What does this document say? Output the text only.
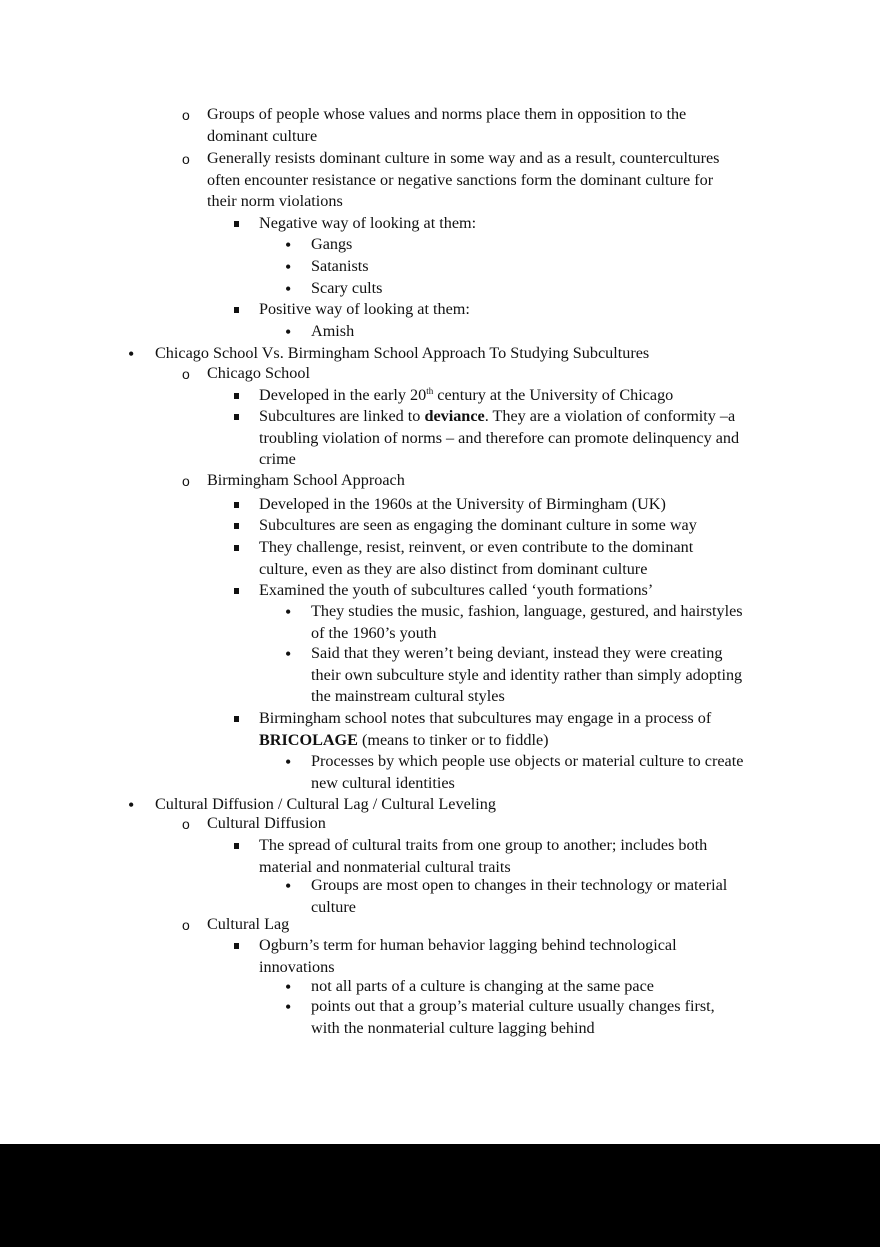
o
Groups of people whose values and norms place them in opposition to the
dominant culture
o
Generally resists dominant culture in some way and as a result, countercultures
often encounter resistance or negative sanctions form the dominant culture for
their norm violations
Negative way of looking at them:
•
Gangs
•
Satanists
•
Scary cults
Positive way of looking at them:
•
Amish
•
Chicago School Vs. Birmingham School Approach To Studying Subcultures
o
Chicago School
Developed in the early 20th century at the University of Chicago
Subcultures are linked to deviance. They are a violation of conformity –a
troubling violation of norms – and therefore can promote delinquency and
crime
o
Birmingham School Approach
Developed in the 1960s at the University of Birmingham (UK)
Subcultures are seen as engaging the dominant culture in some way
They challenge, resist, reinvent, or even contribute to the dominant
culture, even as they are also distinct from dominant culture
Examined the youth of subcultures called ‘youth formations’
•
They studies the music, fashion, language, gestured, and hairstyles
of the 1960’s youth
•
Said that they weren’t being deviant, instead they were creating
their own subculture style and identity rather than simply adopting
the mainstream cultural styles
Birmingham school notes that subcultures may engage in a process of
BRICOLAGE (means to tinker or to fiddle)
•
Processes by which people use objects or material culture to create
new cultural identities
•
Cultural Diffusion / Cultural Lag / Cultural Leveling
o
Cultural Diffusion
The spread of cultural traits from one group to another; includes both
material and nonmaterial cultural traits
•
Groups are most open to changes in their technology or material
culture
o
Cultural Lag
Ogburn’s term for human behavior lagging behind technological
innovations
•
not all parts of a culture is changing at the same pace
•
points out that a group’s material culture usually changes first,
with the nonmaterial culture lagging behind
